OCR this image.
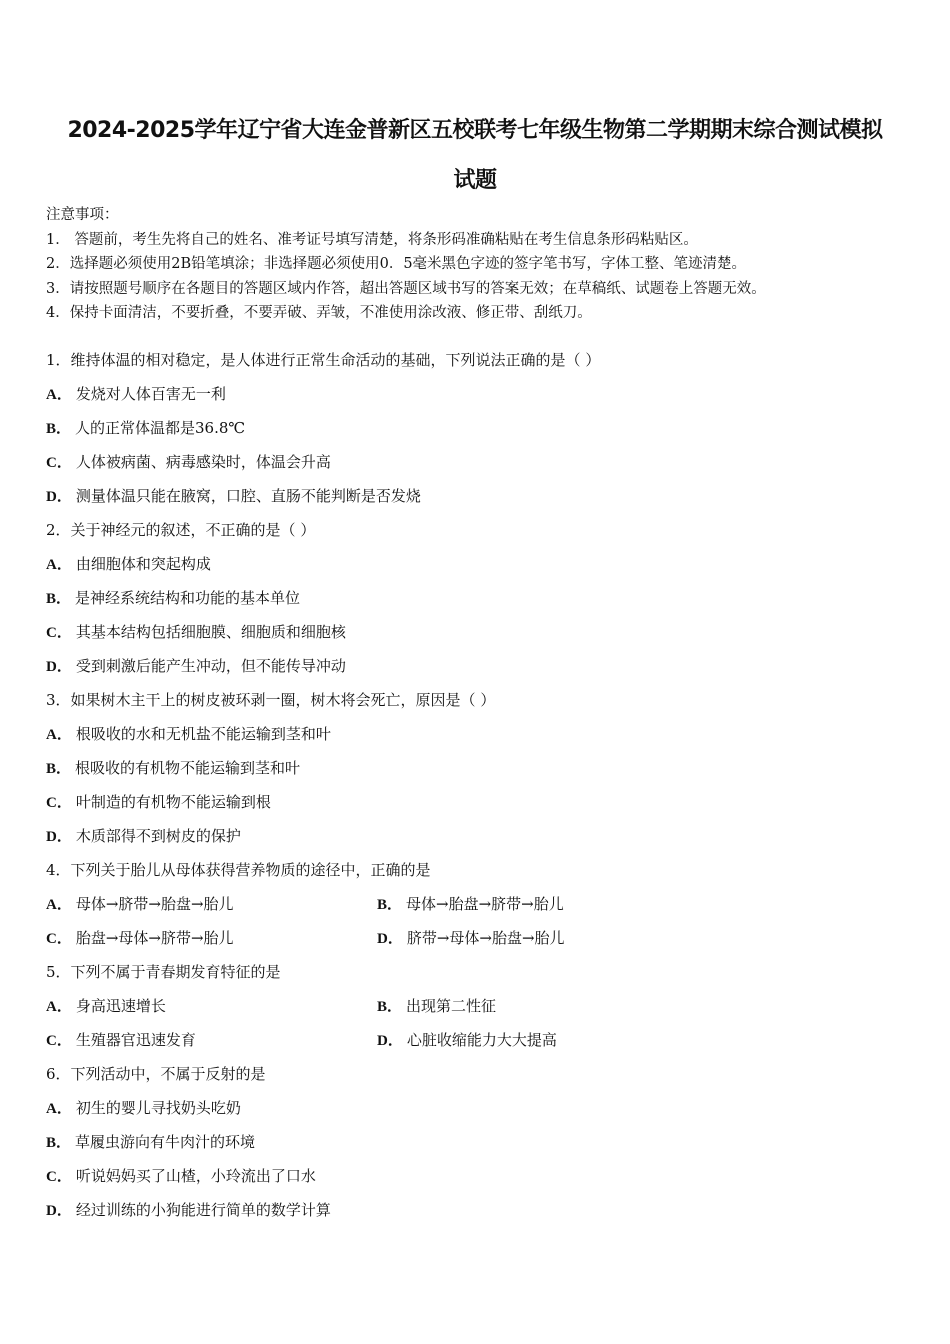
2024-2025学年辽宁省大连金普新区五校联考七年级生物第二学期期末综合测试模拟
试题
注意事项：
1． 答题前，考生先将自己的姓名、准考证号填写清楚，将条形码准确粘贴在考生信息条形码粘贴区。
2．选择题必须使用2B铅笔填涂；非选择题必须使用0．5毫米黑色字迹的签字笔书写，字体工整、笔迹清楚。
3．请按照题号顺序在各题目的答题区域内作答，超出答题区域书写的答案无效；在草稿纸、试题卷上答题无效。
4．保持卡面清洁，不要折叠，不要弄破、弄皱，不准使用涂改液、修正带、刮纸刀。
1．维持体温的相对稳定，是人体进行正常生命活动的基础，下列说法正确的是（ ）
A． 发烧对人体百害无一利
B． 人的正常体温都是36.8℃
C． 人体被病菌、病毒感染时，体温会升高
D． 测量体温只能在腋窝，口腔、直肠不能判断是否发烧
2．关于神经元的叙述，不正确的是（ ）
A． 由细胞体和突起构成
B． 是神经系统结构和功能的基本单位
C． 其基本结构包括细胞膜、细胞质和细胞核
D． 受到刺激后能产生冲动，但不能传导冲动
3．如果树木主干上的树皮被环剥一圈，树木将会死亡，原因是（ ）
A． 根吸收的水和无机盐不能运输到茎和叶
B． 根吸收的有机物不能运输到茎和叶
C． 叶制造的有机物不能运输到根
D． 木质部得不到树皮的保护
4．下列关于胎儿从母体获得营养物质的途径中，正确的是
A． 母体→脐带→胎盘→胎儿	B． 母体→胎盘→脐带→胎儿
C． 胎盘→母体→脐带→胎儿	D． 脐带→母体→胎盘→胎儿
5．下列不属于青春期发育特征的是
A． 身高迅速增长	B． 出现第二性征
C． 生殖器官迅速发育	D． 心脏收缩能力大大提高
6．下列活动中，不属于反射的是
A． 初生的婴儿寻找奶头吃奶
B． 草履虫游向有牛肉汁的环境
C． 听说妈妈买了山楂，小玲流出了口水
D． 经过训练的小狗能进行简单的数学计算
